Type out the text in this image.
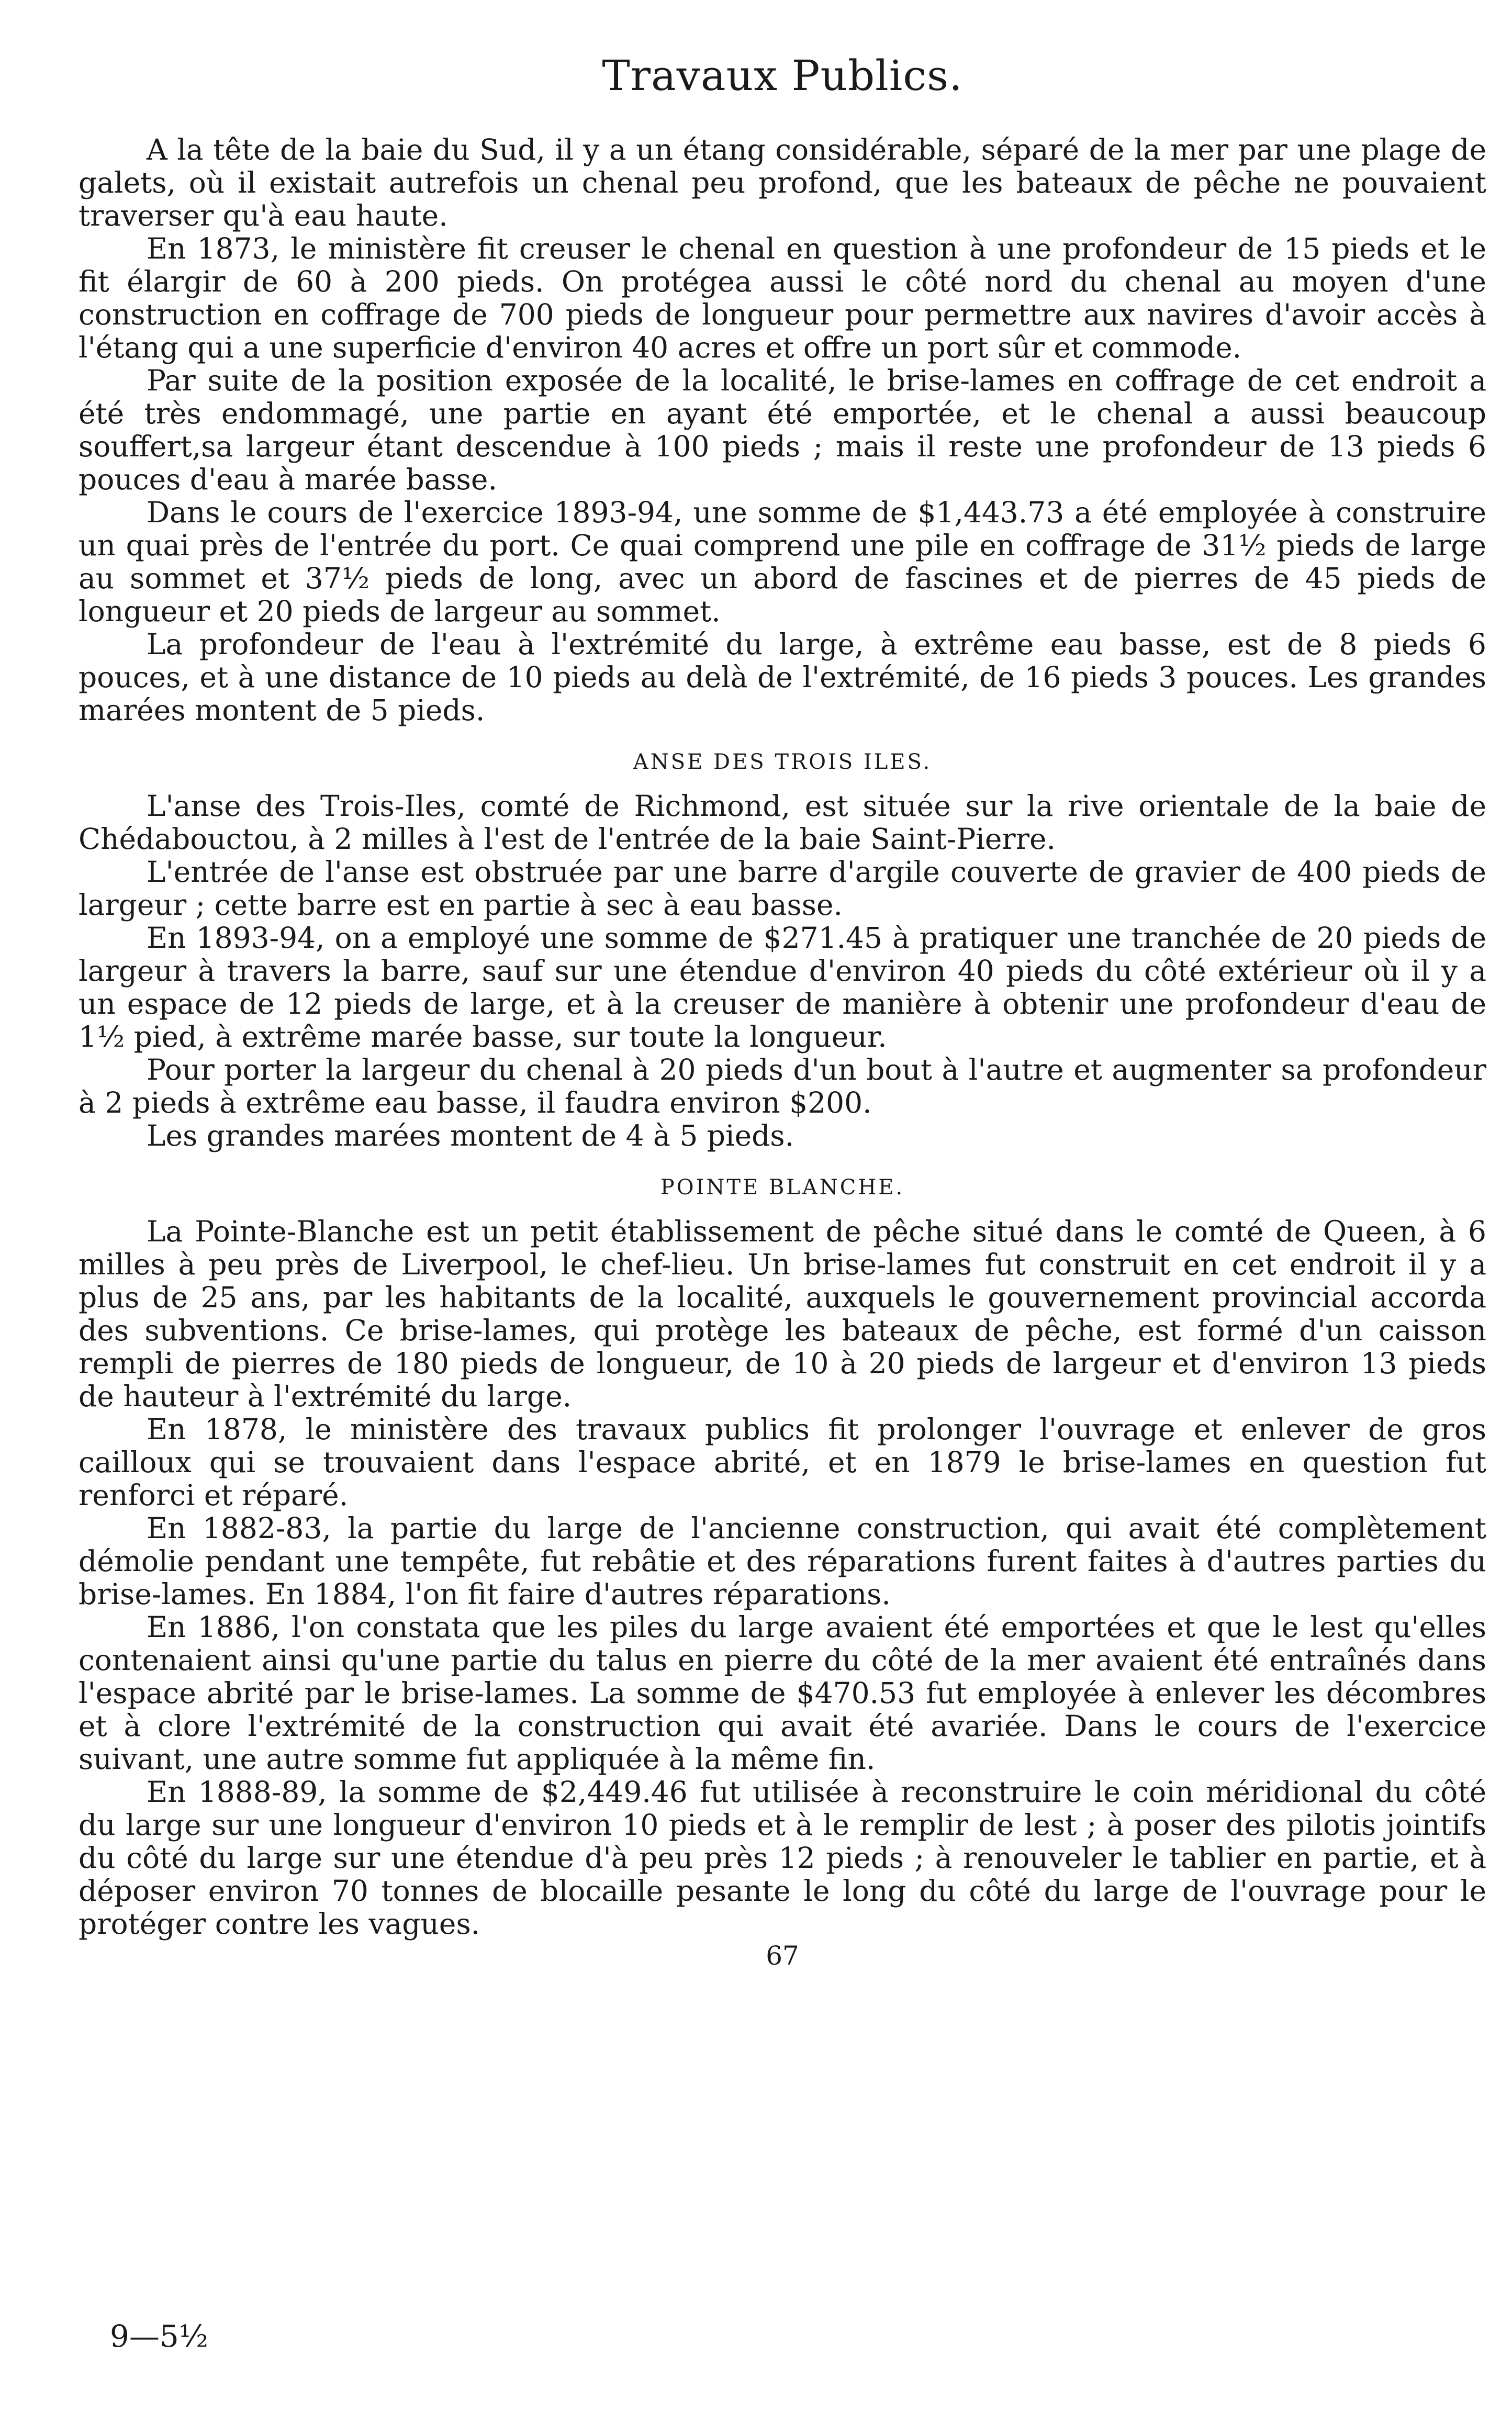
Travaux Publics.

A la tête de la baie du Sud, il y a un étang considérable, séparé de la mer par une plage de galets, où il existait autrefois un chenal peu profond, que les bateaux de pêche ne pouvaient traverser qu'à eau haute.

En 1873, le ministère fit creuser le chenal en question à une profondeur de 15 pieds et le fit élargir de 60 à 200 pieds. On protégea aussi le côté nord du chenal au moyen d'une construction en coffrage de 700 pieds de longueur pour permettre aux navires d'avoir accès à l'étang qui a une superficie d'environ 40 acres et offre un port sûr et commode.

Par suite de la position exposée de la localité, le brise-lames en coffrage de cet endroit a été très endommagé, une partie en ayant été emportée, et le chenal a aussi beaucoup souffert,sa largeur étant descendue à 100 pieds ; mais il reste une profondeur de 13 pieds 6 pouces d'eau à marée basse.

Dans le cours de l'exercice 1893-94, une somme de $1,443.73 a été employée à construire un quai près de l'entrée du port. Ce quai comprend une pile en coffrage de 31½ pieds de large au sommet et 37½ pieds de long, avec un abord de fascines et de pierres de 45 pieds de longueur et 20 pieds de largeur au sommet.

La profondeur de l'eau à l'extrémité du large, à extrême eau basse, est de 8 pieds 6 pouces, et à une distance de 10 pieds au delà de l'extrémité, de 16 pieds 3 pouces. Les grandes marées montent de 5 pieds.

ANSE DES TROIS ILES.

L'anse des Trois-Iles, comté de Richmond, est située sur la rive orientale de la baie de Chédabouctou, à 2 milles à l'est de l'entrée de la baie Saint-Pierre.

L'entrée de l'anse est obstruée par une barre d'argile couverte de gravier de 400 pieds de largeur ; cette barre est en partie à sec à eau basse.

En 1893-94, on a employé une somme de $271.45 à pratiquer une tranchée de 20 pieds de largeur à travers la barre, sauf sur une étendue d'environ 40 pieds du côté extérieur où il y a un espace de 12 pieds de large, et à la creuser de manière à obtenir une profondeur d'eau de 1½ pied, à extrême marée basse, sur toute la longueur.

Pour porter la largeur du chenal à 20 pieds d'un bout à l'autre et augmenter sa profondeur à 2 pieds à extrême eau basse, il faudra environ $200.

Les grandes marées montent de 4 à 5 pieds.

POINTE BLANCHE.

La Pointe-Blanche est un petit établissement de pêche situé dans le comté de Queen, à 6 milles à peu près de Liverpool, le chef-lieu. Un brise-lames fut construit en cet endroit il y a plus de 25 ans, par les habitants de la localité, auxquels le gouvernement provincial accorda des subventions. Ce brise-lames, qui protège les bateaux de pêche, est formé d'un caisson rempli de pierres de 180 pieds de longueur, de 10 à 20 pieds de largeur et d'environ 13 pieds de hauteur à l'extrémité du large.

En 1878, le ministère des travaux publics fit prolonger l'ouvrage et enlever de gros cailloux qui se trouvaient dans l'espace abrité, et en 1879 le brise-lames en question fut renforci et réparé.

En 1882-83, la partie du large de l'ancienne construction, qui avait été complètement démolie pendant une tempête, fut rebâtie et des réparations furent faites à d'autres parties du brise-lames. En 1884, l'on fit faire d'autres réparations.

En 1886, l'on constata que les piles du large avaient été emportées et que le lest qu'elles contenaient ainsi qu'une partie du talus en pierre du côté de la mer avaient été entraînés dans l'espace abrité par le brise-lames. La somme de $470.53 fut employée à enlever les décombres et à clore l'extrémité de la construction qui avait été avariée. Dans le cours de l'exercice suivant, une autre somme fut appliquée à la même fin.

En 1888-89, la somme de $2,449.46 fut utilisée à reconstruire le coin méridional du côté du large sur une longueur d'environ 10 pieds et à le remplir de lest ; à poser des pilotis jointifs du côté du large sur une étendue d'à peu près 12 pieds ; à renouveler le tablier en partie, et à déposer environ 70 tonnes de blocaille pesante le long du côté du large de l'ouvrage pour le protéger contre les vagues.

67
9—5½
